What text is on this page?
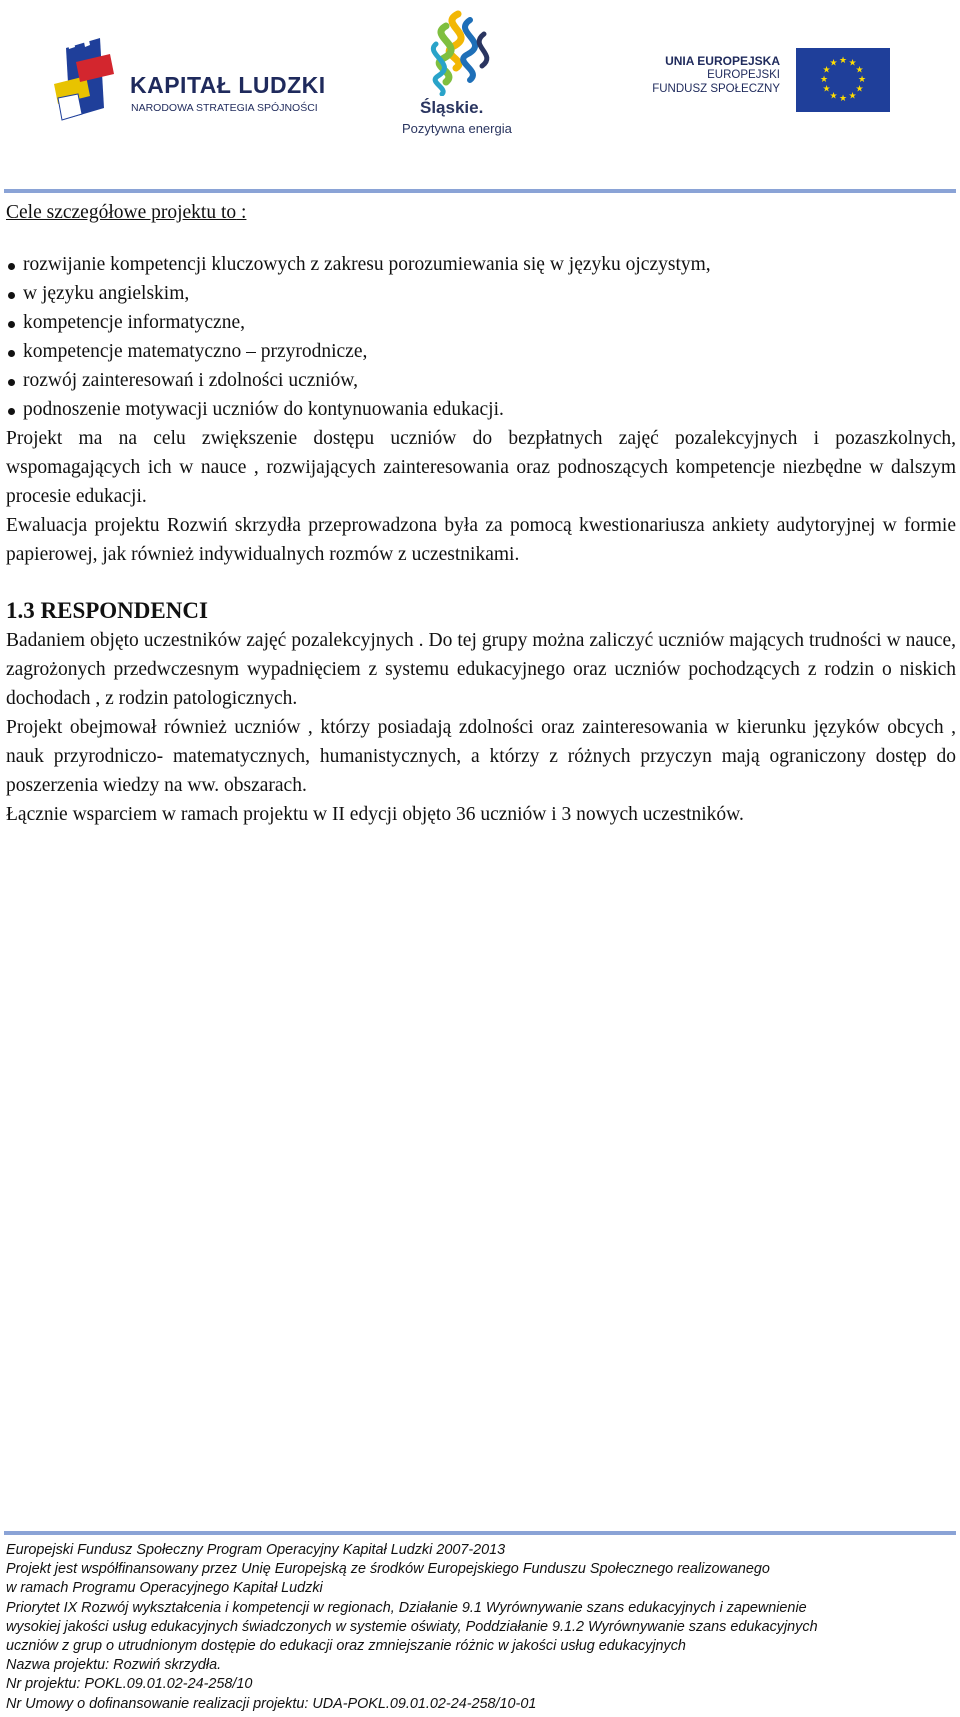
KAPITAŁ LUDZKI
NARODOWA STRATEGIA SPÓJNOŚCI	Śląskie.
Pozytywna energia
UNIA EUROPEJSKA
EUROPEJSKI
FUNDUSZ SPOŁECZNY
★ ★
★
★
★
★
★
★
★
★
★
★

Cele szczegółowe projektu to :

rozwijanie kompetencji kluczowych z zakresu porozumiewania się w języku ojczystym,
w języku angielskim,
kompetencje informatyczne,
kompetencje matematyczno – przyrodnicze,
rozwój zainteresowań i zdolności uczniów,
podnoszenie motywacji uczniów do kontynuowania edukacji.

Projekt ma na celu zwiększenie dostępu uczniów do bezpłatnych zajęć pozalekcyjnych i pozaszkolnych, wspomagających ich w nauce , rozwijających zainteresowania oraz podnoszących kompetencje niezbędne w dalszym procesie edukacji.

Ewaluacja projektu Rozwiń skrzydła przeprowadzona była za pomocą kwestionariusza ankiety audytoryjnej w formie papierowej, jak również indywidualnych rozmów z uczestnikami.

1.3 RESPONDENCI

Badaniem objęto uczestników zajęć pozalekcyjnych . Do tej grupy można zaliczyć uczniów mających trudności w nauce, zagrożonych przedwczesnym wypadnięciem z systemu edukacyjnego oraz uczniów pochodzących z rodzin o niskich dochodach , z rodzin patologicznych.

Projekt obejmował również uczniów , którzy posiadają zdolności oraz zainteresowania w kierunku języków obcych , nauk przyrodniczo- matematycznych, humanistycznych, a którzy z różnych przyczyn mają ograniczony dostęp do poszerzenia wiedzy na ww. obszarach.

Łącznie wsparciem w ramach projektu w II edycji objęto 36 uczniów i 3 nowych uczestników.

Europejski Fundusz Społeczny Program Operacyjny Kapitał Ludzki 2007-2013
Projekt jest współfinansowany przez Unię Europejską ze środków Europejskiego Funduszu Społecznego realizowanego
w ramach Programu Operacyjnego Kapitał Ludzki
Priorytet IX Rozwój wykształcenia i kompetencji w regionach, Działanie 9.1 Wyrównywanie szans edukacyjnych i zapewnienie
wysokiej jakości usług edukacyjnych świadczonych w systemie oświaty, Poddziałanie 9.1.2 Wyrównywanie szans edukacyjnych
uczniów z grup o utrudnionym dostępie do edukacji oraz zmniejszanie różnic w jakości usług edukacyjnych
Nazwa projektu: Rozwiń skrzydła.
Nr projektu: POKL.09.01.02-24-258/10
Nr Umowy o dofinansowanie realizacji projektu: UDA-POKL.09.01.02-24-258/10-01
